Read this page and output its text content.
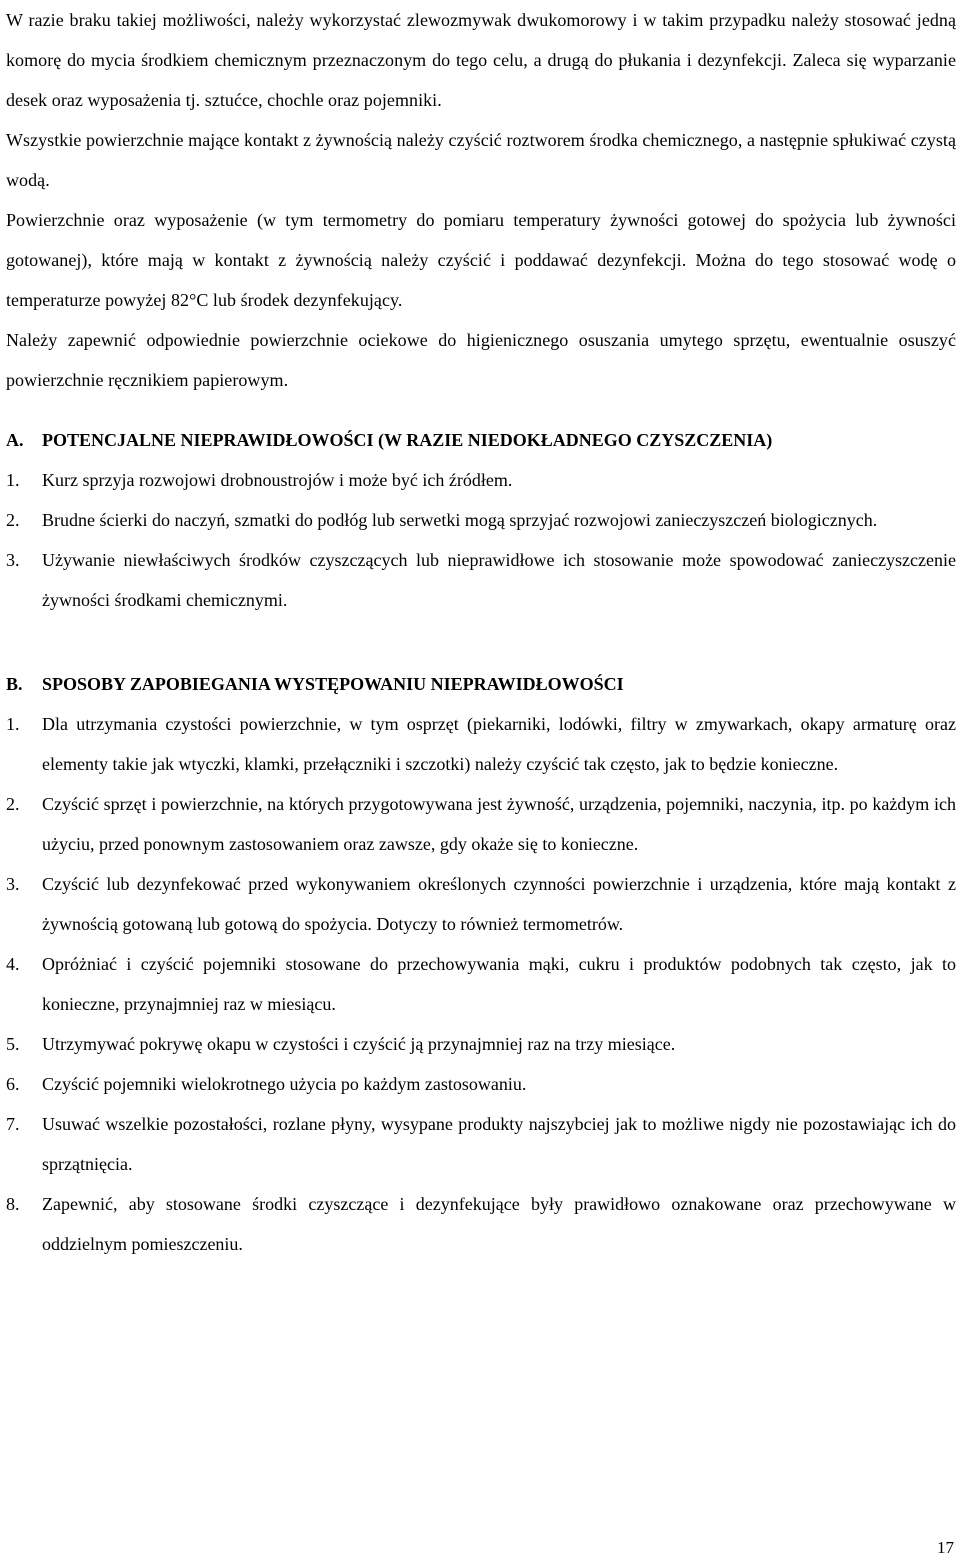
W razie braku takiej możliwości, należy wykorzystać zlewozmywak dwukomorowy i w takim przypadku należy stosować jedną komorę do mycia środkiem chemicznym przeznaczonym do tego celu, a drugą do płukania i dezynfekcji. Zaleca się wyparzanie desek oraz wyposażenia tj. sztućce, chochle oraz pojemniki.

Wszystkie powierzchnie mające kontakt z żywnością należy czyścić roztworem środka chemicznego, a następnie spłukiwać czystą wodą.

Powierzchnie oraz wyposażenie (w tym termometry do pomiaru temperatury żywności gotowej do spożycia lub żywności gotowanej), które mają w kontakt z żywnością należy czyścić i poddawać dezynfekcji. Można do tego stosować wodę o temperaturze powyżej 82°C lub środek dezynfekujący.

Należy zapewnić odpowiednie powierzchnie ociekowe do higienicznego osuszania umytego sprzętu, ewentualnie osuszyć powierzchnie ręcznikiem papierowym.

A.	POTENCJALNE NIEPRAWIDŁOWOŚCI (W RAZIE NIEDOKŁADNEGO CZYSZCZENIA)
1.	Kurz sprzyja rozwojowi drobnoustrojów i może być ich źródłem.
2.	Brudne ścierki do naczyń, szmatki do podłóg lub serwetki mogą sprzyjać rozwojowi zanieczyszczeń biologicznych.
3.	Używanie niewłaściwych środków czyszczących lub nieprawidłowe ich stosowanie może spowodować zanieczyszczenie żywności środkami chemicznymi.
B.	SPOSOBY ZAPOBIEGANIA WYSTĘPOWANIU NIEPRAWIDŁOWOŚCI
1.	Dla utrzymania czystości powierzchnie, w tym osprzęt (piekarniki, lodówki, filtry w zmywarkach, okapy armaturę oraz elementy takie jak wtyczki, klamki, przełączniki i szczotki) należy czyścić tak często, jak to będzie konieczne.
2.	Czyścić sprzęt i powierzchnie, na których przygotowywana jest żywność, urządzenia, pojemniki, naczynia, itp. po każdym ich użyciu, przed ponownym zastosowaniem oraz zawsze, gdy okaże się to konieczne.
3.	Czyścić lub dezynfekować przed wykonywaniem określonych czynności powierzchnie i urządzenia, które mają kontakt z żywnością gotowaną lub gotową do spożycia. Dotyczy to również termometrów.
4.	Opróżniać i czyścić pojemniki stosowane do przechowywania mąki, cukru i produktów podobnych tak często, jak to konieczne, przynajmniej raz w miesiącu.
5.	Utrzymywać pokrywę okapu w czystości i czyścić ją przynajmniej raz na trzy miesiące.
6.	Czyścić pojemniki wielokrotnego użycia po każdym zastosowaniu.
7.	Usuwać wszelkie pozostałości, rozlane płyny, wysypane produkty najszybciej jak to możliwe nigdy nie pozostawiając ich do sprzątnięcia.
8.	Zapewnić, aby stosowane środki czyszczące i dezynfekujące były prawidłowo oznakowane oraz przechowywane w oddzielnym pomieszczeniu.
17
